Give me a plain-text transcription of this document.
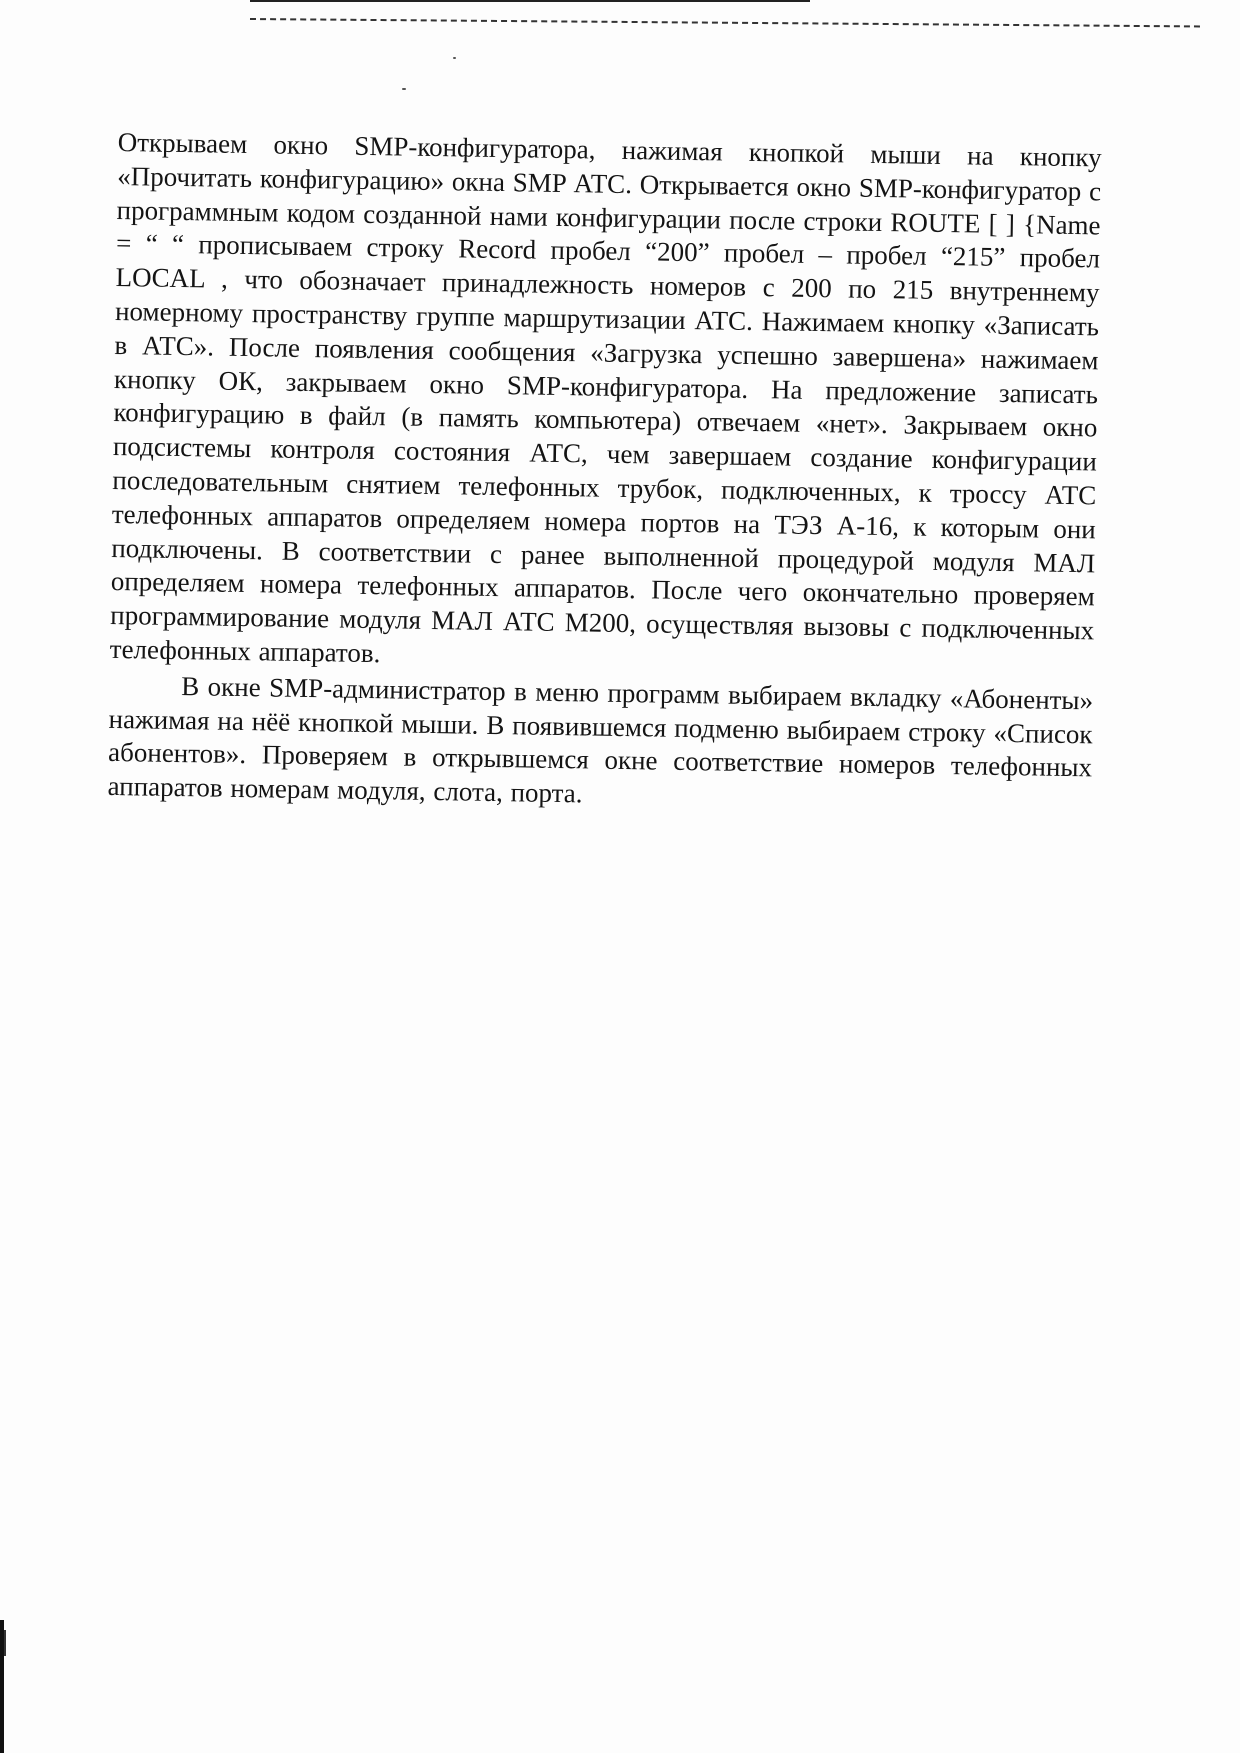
Открываем окно SMP-конфигуратора, нажимая кнопкой мыши на кнопку «Прочитать конфигурацию» окна SMP АТС. Открывается окно SMP-конфигуратор с программным кодом созданной нами конфигурации после строки ROUTE [ ] {Name = “ “ прописываем строку Record пробел “200” пробел – пробел “215” пробел LOCAL , что обозначает принадлежность номеров с 200 по 215 внутреннему номерному пространству группе маршрутизации АТС. Нажимаем кнопку «Записать в АТС». После появления сообщения «Загрузка успешно завершена» нажимаем кнопку ОК, закрываем окно SMP-конфигуратора. На предложение записать конфигурацию в файл (в память компьютера) отвечаем «нет». Закрываем окно подсистемы контроля состояния АТС, чем завершаем создание конфигурации последовательным снятием телефонных трубок, подключенных, к троссу АТС телефонных аппаратов определяем номера портов на ТЭЗ А-16, к которым они подключены. В соответствии с ранее выполненной процедурой модуля МАЛ определяем номера телефонных аппаратов. После чего окончательно проверяем программирование модуля МАЛ АТС М200, осуществляя вызовы с подключенных телефонных аппаратов.

В окне SMP-администратор в меню программ выбираем вкладку «Абоненты» нажимая на нёё кнопкой мыши. В появившемся подменю выбираем строку «Список абонентов». Проверяем в открывшемся окне соответствие номеров телефонных аппаратов номерам модуля, слота, порта.
